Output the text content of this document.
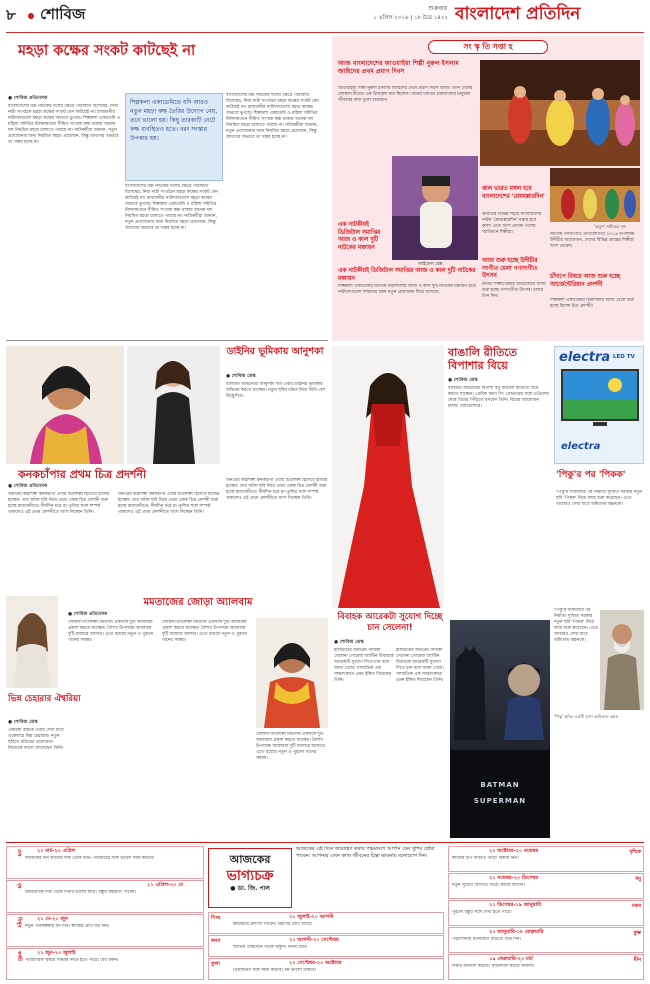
৮ শোবিজ	শুক্রবার
১ এপ্রিল ২০১৬ | ১৮ চৈত্র ১৪২২ বাংলাদেশ প্রতিদিন
মহড়া কক্ষের সংকট কাটছেই না
● শোবিজ প্রতিবেদক
বাংলাদেশের মঞ্চ নাটকের দলের ক্ষেত্রে পরিস্থিতি বিশেষের, নিজ নাট্য সংগঠনে মহড়া কক্ষের সংকট যেন কাটছেই না। রাজধানীর নাট্যদলগুলো মহড়া কক্ষের অভাবে ভুগছে। শিল্পকলা একাডেমি ও মহিলা সমিতির মিলনায়তনে সীমিত সংখ্যক কক্ষ থাকায় অনেক দল নিয়মিত মহড়া চালাতে পারছে না। নাট্যকর্মীরা জানান, নতুন প্রযোজনার জন্য নিয়মিত মহড়া প্রয়োজন, কিন্তু জায়গার অভাবে তা সম্ভব হচ্ছে না।
শিল্পকলা একাডেমিতে যদি আরও নতুন মহড়া কক্ষ তৈরির উদ্যোগ নেয়, তবে ভালো হয়। কিছু তারকাটি নেটে কক্ষ ব্যবস্থিতও হতে। বরং সংস্কার উপকার হয়।
বাংলাদেশের মঞ্চ নাটকের দলের ক্ষেত্রে পরিস্থিতি বিশেষের, নিজ নাট্য সংগঠনে মহড়া কক্ষের সংকট যেন কাটছেই না। রাজধানীর নাট্যদলগুলো মহড়া কক্ষের অভাবে ভুগছে। শিল্পকলা একাডেমি ও মহিলা সমিতির মিলনায়তনে সীমিত সংখ্যক কক্ষ থাকায় অনেক দল নিয়মিত মহড়া চালাতে পারছে না। নাট্যকর্মীরা জানান, নতুন প্রযোজনার জন্য নিয়মিত মহড়া প্রয়োজন, কিন্তু জায়গার অভাবে তা সম্ভব হচ্ছে না।
বাংলাদেশের মঞ্চ নাটকের দলের ক্ষেত্রে পরিস্থিতি বিশেষের, নিজ নাট্য সংগঠনে মহড়া কক্ষের সংকট যেন কাটছেই না। রাজধানীর নাট্যদলগুলো মহড়া কক্ষের অভাবে ভুগছে। শিল্পকলা একাডেমি ও মহিলা সমিতির মিলনায়তনে সীমিত সংখ্যক কক্ষ থাকায় অনেক দল নিয়মিত মহড়া চালাতে পারছে না। নাট্যকর্মীরা জানান, নতুন প্রযোজনার জন্য নিয়মিত মহড়া প্রয়োজন, কিন্তু জায়গার অভাবে তা সম্ভব হচ্ছে না।
সং স্কৃ তি সপ্তা হ
আজ বাংলাদেশের আওয়াইয়া শিল্পী নুরুল ইসলাম জাহিদের প্রথম প্রয়াণ দিবস
আওয়াইয়া শিল্পী নুরুল ইসলাম জাহিদের প্রথম প্রয়াণ দিবস আজ। তিনি দেশের লোকসংগীতের এক উজ্জ্বল নাম ছিলেন। গানের মাধ্যমে গ্রামবাংলার মানুষের জীবনের কথা তুলে ধরেছেন।
আইডেল রেক্স
এক নাটকীয়ই ডিজিটাল সমাপ্তির আজ ও কাল দুটি নাটকের মঞ্চায়ন
এক নাটকীয়ই ডিজিটাল সমাপ্তির আজ ও কাল দুটি নাটকের মঞ্চায়ন
শিল্পকলা একাডেমির জাতীয় নাট্যশালায় আজ ও কাল দুটি নাটকের মঞ্চায়ন হবে। নাট্যদলগুলো দর্শকদের জন্য নতুন প্রযোজনা নিয়ে আসছে।
কাল ভারত মঙ্গল হবে বাংলাদেশের 'মেঘমল্লারদিন'
ভারতের বিভিন্ন শহরে বাংলাদেশের নাটক 'মেঘমল্লারদিন' মঞ্চস্থ হবে কাল। এতে অংশ নেবেন দেশের খ্যাতিমান শিল্পীরা।
আজ শুরু হচ্ছে উদীচীর সংগীত মেলা গণসংগীত উৎসব
উদীচী শিল্পীগোষ্ঠীর আয়োজনে আজ শুরু হচ্ছে গণসংগীত উৎসব। চলবে তিন দিন।
'ঝড়ুণ' নাটকের দৃশ্য
জাতীয় গণসংগীত প্রতিযোগিতা ২০১৬ উপলক্ষে উদীচীর আয়োজন, দেশের বিভিন্ন প্রান্তের শিল্পীরা অংশ নেবেন।
চাঁদাপে বিষয়ে আজ শুরু হচ্ছে আর্জেন্টেরিয়ান প্রদর্শনী
শিল্পকলা একাডেমির চিত্রশালায় আজ থেকে শুরু হচ্ছে বিশেষ চিত্র প্রদর্শনী।
ডাইনির ভূমিকায় আনুশকা
● শোবিজ ডেস্ক
বলিউড অভিনেত্রী আনুশকা শর্মা এবার ডাইনির ভূমিকায় অভিনয় করতে যাচ্ছেন। নতুন ছবির চরিত্র নিয়ে তিনি বেশ উচ্ছ্বসিত।
কনকচাঁপার প্রথম চিত্র প্রদর্শনী
● শোবিজ প্রতিবেদক
জনপ্রিয় কণ্ঠশিল্পী কনকচাঁপা এবার চিত্রশিল্পী হিসেবে হাজির হচ্ছেন। তার আঁকা ছবি নিয়ে প্রথম একক চিত্র প্রদর্শনী শুরু হচ্ছে রাজধানীতে। দীর্ঘদিন ধরে রং-তুলির সঙ্গে সম্পর্ক থাকলেও এই প্রথম প্রদর্শনীতে অংশ নিচ্ছেন তিনি।
জনপ্রিয় কণ্ঠশিল্পী কনকচাঁপা এবার চিত্রশিল্পী হিসেবে হাজির হচ্ছেন। তার আঁকা ছবি নিয়ে প্রথম একক চিত্র প্রদর্শনী শুরু হচ্ছে রাজধানীতে। দীর্ঘদিন ধরে রং-তুলির সঙ্গে সম্পর্ক থাকলেও এই প্রথম প্রদর্শনীতে অংশ নিচ্ছেন তিনি।
জনপ্রিয় কণ্ঠশিল্পী কনকচাঁপা এবার চিত্রশিল্পী হিসেবে হাজির হচ্ছেন। তার আঁকা ছবি নিয়ে প্রথম একক চিত্র প্রদর্শনী শুরু হচ্ছে রাজধানীতে। দীর্ঘদিন ধরে রং-তুলির সঙ্গে সম্পর্ক থাকলেও এই প্রথম প্রদর্শনীতে অংশ নিচ্ছেন তিনি।
বাঙালি রীতিতে বিপাশার বিয়ে
● শোবিজ ডেস্ক
বলিউড অভিনেত্রী বিপাশা বসু বাঙালি রীতিতে বিয়ে করতে যাচ্ছেন। প্রেমিক করণ সিং গ্রোভারের সঙ্গে এপ্রিলের শেষে বিয়ের পিঁড়িতে বসবেন তিনি। বিয়ের আয়োজন চলছে জোরেশোরে।
electra LED TV
electra
'পিকু'র পর 'পিকক'
'পিকু'র সাফল্যের পর নির্মাতা সুজিত সরকার নতুন ছবি 'পিকক' নিয়ে কাজ শুরু করেছেন। এতে আবারও দেখা যাবে অমিতাভ বচ্চনকে।
'পিকু'র সাফল্যের পর নির্মাতা সুজিত সরকার নতুন ছবি 'পিকক' নিয়ে কাজ শুরু করেছেন। এতে আবারও দেখা যাবে অমিতাভ বচ্চনকে।
'পিকু' ছবির একটি দৃশ্যে অমিতাভ বচ্চন
ভিন্ন চেহারার ঐশ্বরিয়া
● শোবিজ ডেস্ক
ঐশ্বরিয়া রাইকে এবার দেখা যাবে একেবারে ভিন্ন চেহারায়। নতুন ছবিতে চরিত্রের প্রয়োজনে নিজেকে বদলে ফেলেছেন তিনি।
মমতাজের জোড়া অ্যালবাম
● শোবিজ প্রতিবেদক
লোকসংগীতশিল্পী মমতাজ একসঙ্গে দুটি অ্যালবাম প্রকাশ করতে যাচ্ছেন। বৈশাখ উপলক্ষে অ্যালবাম দুটি বাজারে আসবে। এতে রয়েছে নতুন ও পুরনো গানের সমন্বয়।
লোকসংগীতশিল্পী মমতাজ একসঙ্গে দুটি অ্যালবাম প্রকাশ করতে যাচ্ছেন। বৈশাখ উপলক্ষে অ্যালবাম দুটি বাজারে আসবে। এতে রয়েছে নতুন ও পুরনো গানের সমন্বয়।
লোকসংগীতশিল্পী মমতাজ একসঙ্গে দুটি অ্যালবাম প্রকাশ করতে যাচ্ছেন। বৈশাখ উপলক্ষে অ্যালবাম দুটি বাজারে আসবে। এতে রয়েছে নতুন ও পুরনো গানের সমন্বয়।
বিবাহক আরেকটা সুযোগ দিচ্ছে চান সেলেনা!
● শোবিজ ডেস্ক
হলিউডের জনপ্রিয় গায়িকা সেলেনা গোমেজ জাস্টিন বিবারকে আরেকটি সুযোগ দিতে চান বলে জানা গেছে। সাম্প্রতিক এক সাক্ষাৎকারে এমন ইঙ্গিত দিয়েছেন তিনি।
হলিউডের জনপ্রিয় গায়িকা সেলেনা গোমেজ জাস্টিন বিবারকে আরেকটি সুযোগ দিতে চান বলে জানা গেছে। সাম্প্রতিক এক সাক্ষাৎকারে এমন ইঙ্গিত দিয়েছেন তিনি।
BATMAN
v
SUPERMAN
মেষ	২১ মার্চ-২০ এপ্রিল
আজকের দিন কাজের দিক থেকে শুভ। পরিবারের সঙ্গে ভালো সময় কাটবে।
বৃষ	২১ এপ্রিল-২০ মে
অর্থনৈতিক দিক থেকে দিনটি ভালো যাবে। বন্ধুর সহায়তা পাবেন।
মিথুন	২১ মে-২০ জুন
নতুন পরিকল্পনায় মন দিন। স্বাস্থ্যের প্রতি যত্ন নিন।
কর্কট	২১ জুন-২০ জুলাই
পারিবারিক বিষয়ে সিদ্ধান্ত নিতে হতে পারে। ধৈর্য ধরুন।
আজকের
ভাগ্যচক্র
● ডা. জি. পাল
আজকের এই দিনে জন্মগ্রহণ করায় পঞ্চমাংশে আপনি যেন খুশির ছোঁয়া পাবেন। আপনার এখন কাজ জীবনের চিন্তা ভাবনায় মনোযোগ দিন।
সিংহ	২১ জুলাই-২০ আগস্ট
কর্মক্ষেত্রে প্রশংসা পাবেন। ভ্রমণের যোগ আছে।
কন্যা	২১ আগস্ট-২০ সেপ্টেম্বর
আর্থিক লেনদেনে সতর্ক থাকুন। দিনটি মিশ্র।
তুলা	২১ সেপ্টেম্বর-২০ অক্টোবর
প্রিয়জনের সঙ্গে সময় কাটবে। মন ভালো থাকবে।
বৃশ্চিক
২১ অক্টোবর-২০ নভেম্বর
কাজের চাপ বাড়তে পারে। বিশ্রাম নিন।
ধনু
২১ নভেম্বর-২০ ডিসেম্বর
নতুন সুযোগ আসতে পারে। কাজে লাগান।
মকর
২১ ডিসেম্বর-১৯ জানুয়ারি
পুরনো বন্ধুর সঙ্গে দেখা হতে পারে।
কুম্ভ
২০ জানুয়ারি-১৮ ফেব্রুয়ারি
পড়াশোনায় মনোযোগ বাড়বে। শুভ দিন।
মীন
১৯ ফেব্রুয়ারি-২০ মার্চ
দিনটি আনন্দে কাটবে। সৃজনশীল কাজে সাফল্য।
